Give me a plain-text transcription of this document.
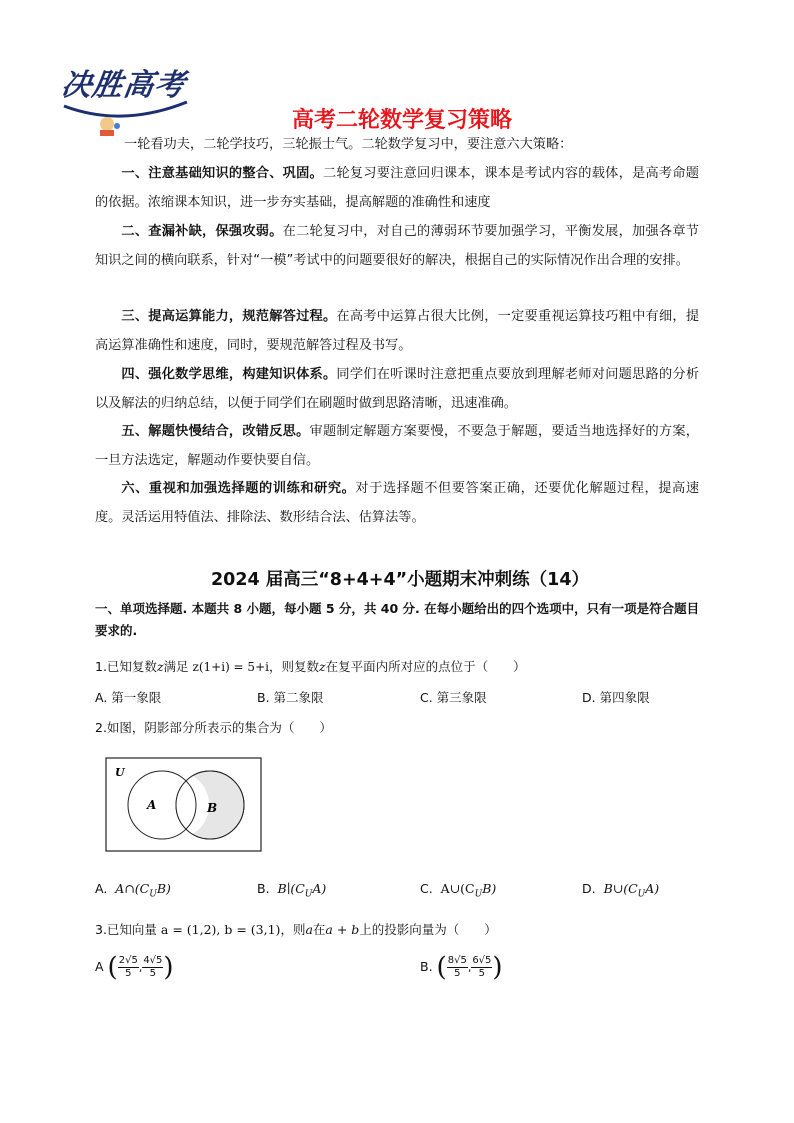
决胜高考
高考二轮数学复习策略
一轮看功夫，二轮学技巧，三轮振士气。二轮数学复习中，要注意六大策略：
一、注意基础知识的整合、巩固。二轮复习要注意回归课本，课本是考试内容的载体，是高考命题的依据。浓缩课本知识，进一步夯实基础，提高解题的准确性和速度
二、查漏补缺，保强攻弱。在二轮复习中，对自己的薄弱环节要加强学习，平衡发展，加强各章节知识之间的横向联系，针对“一模”考试中的问题要很好的解决，根据自己的实际情况作出合理的安排。
三、提高运算能力，规范解答过程。在高考中运算占很大比例，一定要重视运算技巧粗中有细，提高运算准确性和速度，同时，要规范解答过程及书写。
四、强化数学思维，构建知识体系。同学们在听课时注意把重点要放到理解老师对问题思路的分析以及解法的归纳总结，以便于同学们在刷题时做到思路清晰，迅速准确。
五、解题快慢结合，改错反思。审题制定解题方案要慢，不要急于解题，要适当地选择好的方案，一旦方法选定，解题动作要快要自信。
六、重视和加强选择题的训练和研究。对于选择题不但要答案正确，还要优化解题过程，提高速度。灵活运用特值法、排除法、数形结合法、估算法等。
2024 届高三“8+4+4”小题期末冲刺练（14）
一、单项选择题. 本题共 8 小题，每小题 5 分，共 40 分. 在每小题给出的四个选项中，只有一项是符合题目要求的.
1.已知复数z满足 z(1+i) = 5+i，则复数z在复平面内所对应的点位于（　　）
A. 第一象限	B. 第二象限	C. 第三象限	D. 第四象限
2.如图，阴影部分所表示的集合为（　　）
U
A	B
A. $A\cap(C_UB)$	B. $B∣(C_UA)$	C. $A\cup(C_UB)$	D. $B\cup(C_UA)$
3.已知向量 a = (1,2), b = (3,1)，则a在a + b上的投影向量为（　　）
A ( $\frac{2√5}{5}$ , $\frac{4√5}{5}$ )	B. ( $\frac{8√5}{5}$ , $\frac{6√5}{5}$ )
